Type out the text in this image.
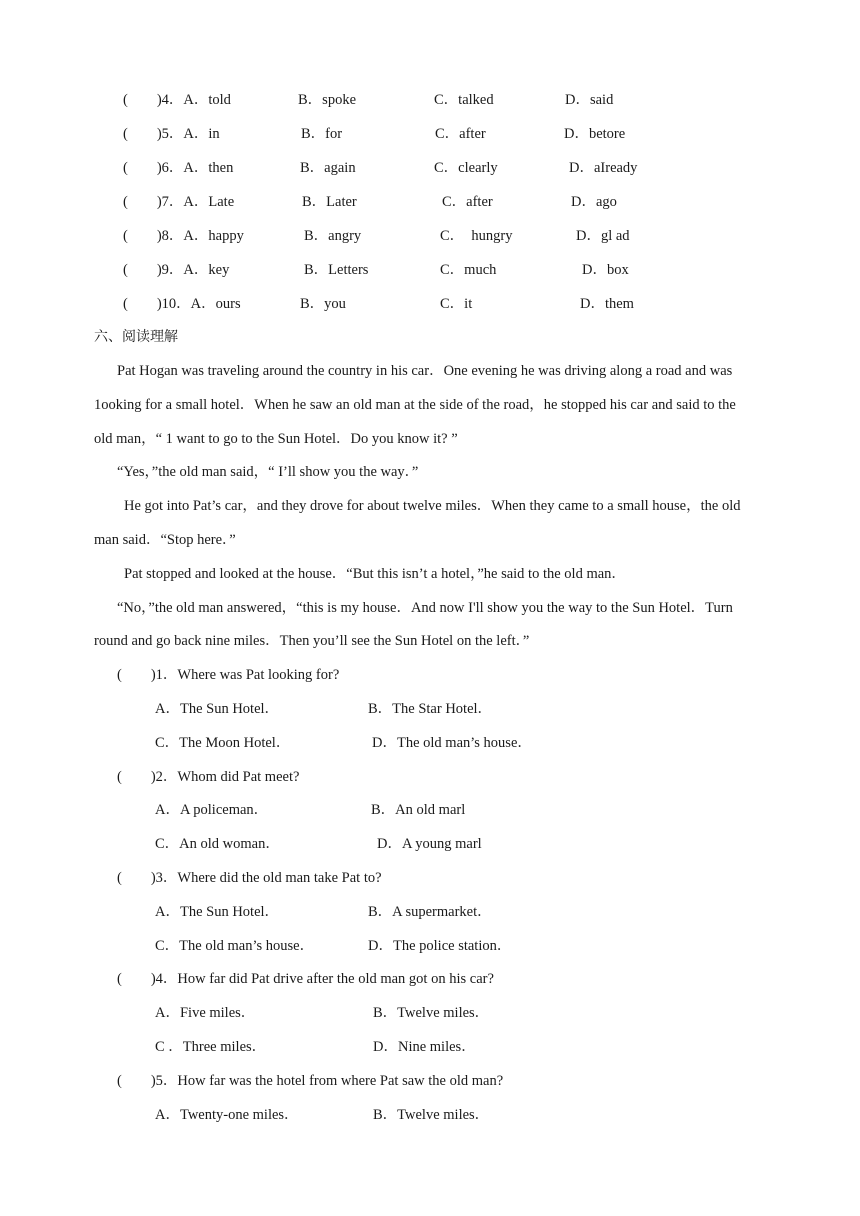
(        )4．A．told	B．spoke	C．talked	D．said
(        )5．A．in	B．for	C．after	D．betore
(        )6．A．then	B．again	C．clearly	D．aIready
(        )7．A．Late	B．Later	C．after	D．ago
(        )8．A．happy	B．angry	C．  hungry	D．gl ad
(        )9．A．key	B．Letters	C．much	D．box
(        )10．A．ours	B．you	C．it	D．them
六、阅读理解
Pat Hogan was traveling around the country in his car．One evening he was driving along a road and was
1ooking for a small hotel．When he saw an old man at the side of the road，he stopped his car and said to the
old man，“ 1 want to go to the Sun Hotel．Do you know it? ”
“Yes，”the old man said，“ I’ll show you the way．”
He got into Pat’s car，and they drove for about twelve miles．When they came to a small house，the old
man said．“Stop here．”
Pat stopped and looked at the house．“But this isn’t a hotel，”he said to the old man．
“No，”the old man answered，“this is my house．And now I'll show you the way to the Sun Hotel．Turn
round and go back nine miles．Then you’ll see the Sun Hotel on the left．”
(        )1．Where was Pat looking for?
A．The Sun Hotel．	B．The Star Hotel．
C．The Moon Hotel．	D．The old man’s house．
(        )2．Whom did Pat meet?
A．A policeman．	B．An old marl
C．An old woman．	D．A young marl
(        )3．Where did the old man take Pat to?
A．The Sun Hotel．	B．A supermarket．
C．The old man’s house．	D．The police station．
(        )4．How far did Pat drive after the old man got on his car?
A．Five miles．	B．Twelve miles．
C ．Three miles．	D．Nine miles．
(        )5．How far was the hotel from where Pat saw the old man?
A．Twenty-one miles．	B．Twelve miles．
